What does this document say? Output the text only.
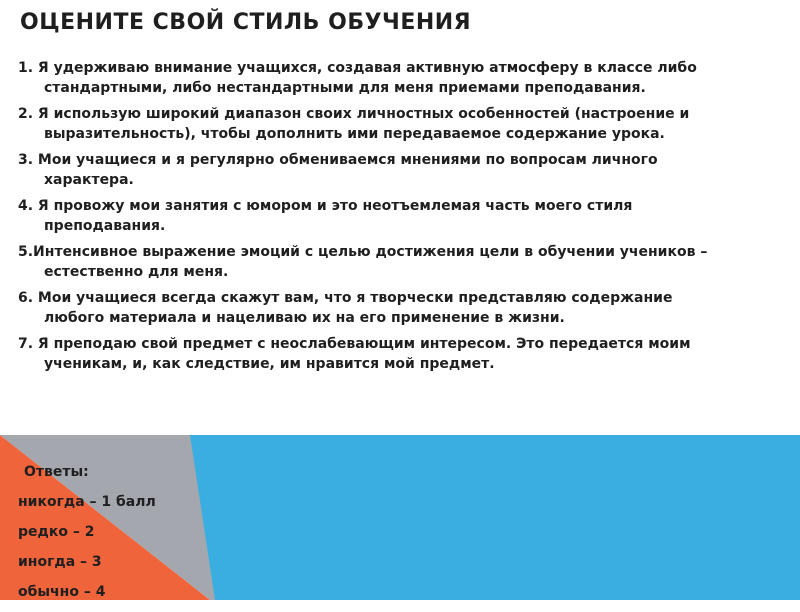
ОЦЕНИТЕ СВОЙ СТИЛЬ ОБУЧЕНИЯ
1. Я удерживаю внимание учащихся, создавая активную атмосферу в классе либо стандартными, либо нестандартными для меня приемами преподавания.
2. Я использую широкий диапазон своих личностных особенностей (настроение и выразительность), чтобы дополнить ими передаваемое содержание урока.
3. Мои учащиеся и я регулярно обмениваемся мнениями по вопросам личного характера.
4. Я провожу мои занятия с юмором и это неотъемлемая часть моего стиля преподавания.
5.Интенсивное выражение эмоций с целью достижения цели в обучении учеников – естественно для меня.
6. Мои учащиеся всегда скажут вам, что я творчески представляю содержание любого материала и нацеливаю их на его применение в жизни.
7. Я преподаю свой предмет с неослабевающим интересом. Это передается моим ученикам, и, как следствие, им нравится мой предмет.
Ответы:
никогда – 1 балл
редко – 2
иногда – 3
обычно – 4
